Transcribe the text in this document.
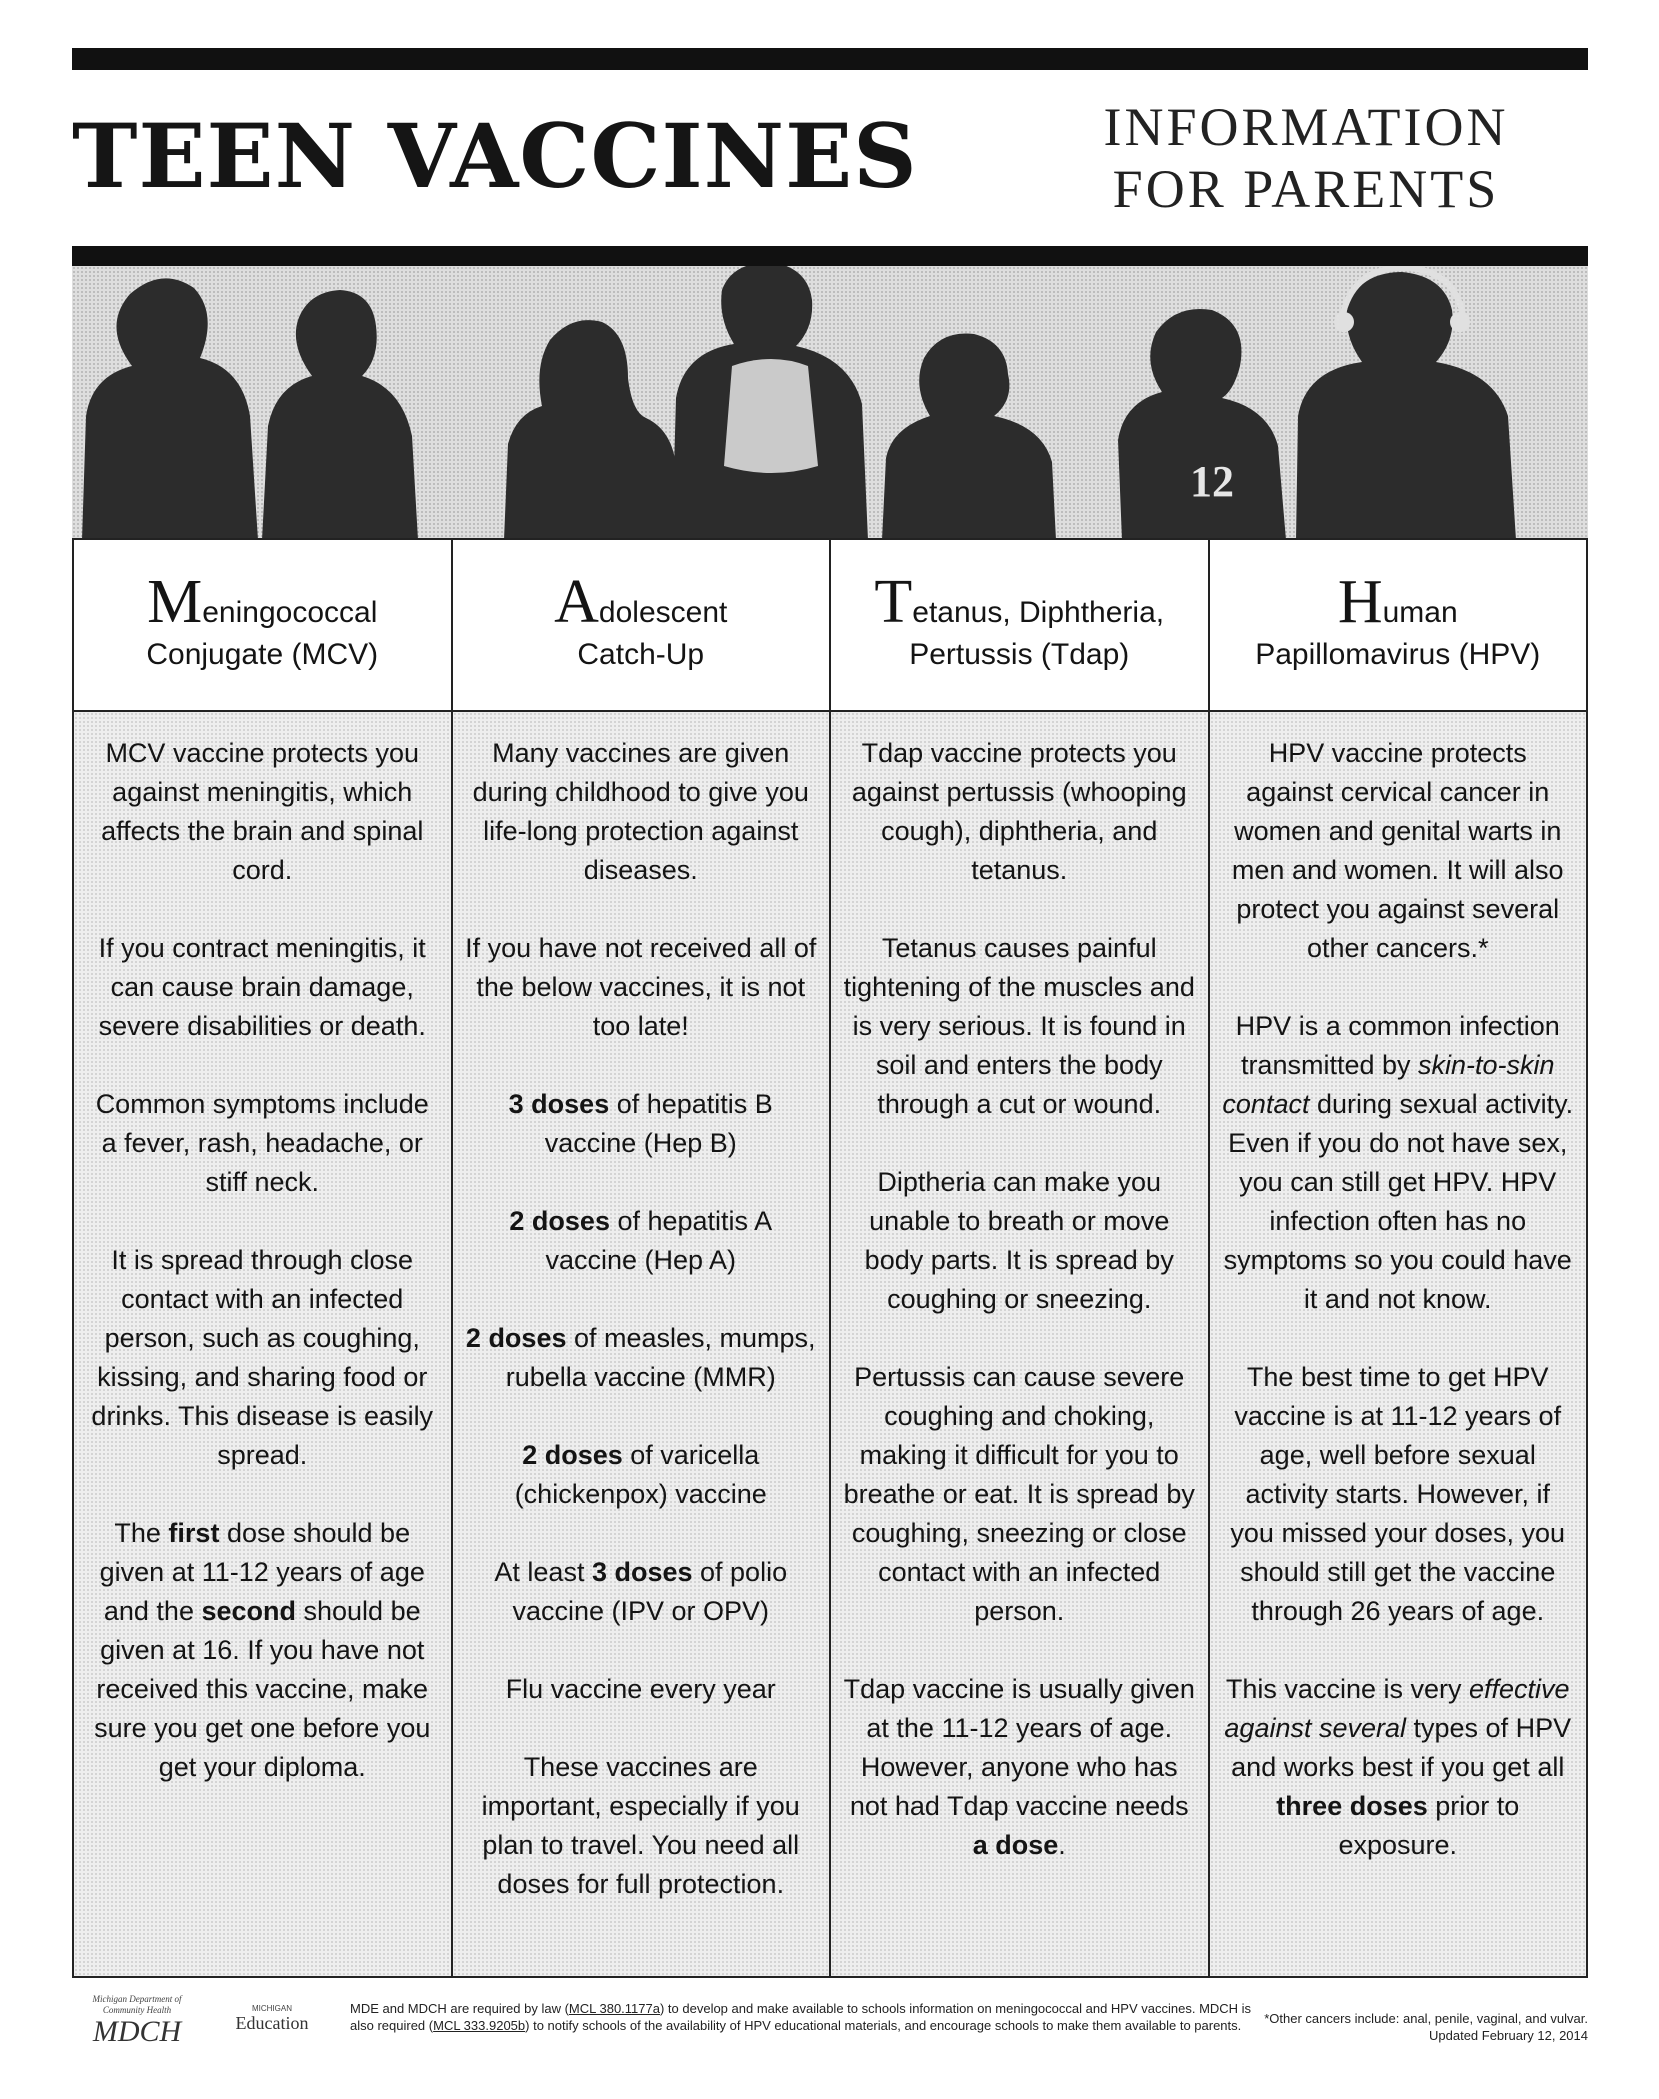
TEEN VACCINES	INFORMATION
FOR PARENTS
12
Meningococcal
Conjugate (MCV)

MCV vaccine protects you against meningitis, which affects the brain and spinal cord.

If you contract meningitis, it can cause brain damage, severe disabilities or death.

Common symptoms include a fever, rash, headache, or stiff neck.

It is spread through close contact with an infected person, such as coughing, kissing, and sharing food or drinks. This disease is easily spread.

The first dose should be given at 11-12 years of age and the second should be given at 16. If you have not received this vaccine, make sure you get one before you get your diploma.

Adolescent
Catch-Up

Many vaccines are given during childhood to give you life-long protection against diseases.

If you have not received all of the below vaccines, it is not too late!

3 doses of hepatitis B vaccine (Hep B)

2 doses of hepatitis A vaccine (Hep A)

2 doses of measles, mumps, rubella vaccine (MMR)

2 doses of varicella (chickenpox) vaccine

At least 3 doses of polio vaccine (IPV or OPV)

Flu vaccine every year

These vaccines are important, especially if you plan to travel. You need all doses for full protection.

Tetanus, Diphtheria,
Pertussis (Tdap)

Tdap vaccine protects you against pertussis (whooping cough), diphtheria, and tetanus.

Tetanus causes painful tightening of the muscles and is very serious. It is found in soil and enters the body through a cut or wound.

Diptheria can make you unable to breath or move body parts. It is spread by coughing or sneezing.

Pertussis can cause severe coughing and choking, making it difficult for you to breathe or eat. It is spread by coughing, sneezing or close contact with an infected person.

Tdap vaccine is usually given at the 11-12 years of age. However, anyone who has not had Tdap vaccine needs a dose.

Human
Papillomavirus (HPV)

HPV vaccine protects against cervical cancer in women and genital warts in men and women. It will also protect you against several other cancers.*

HPV is a common infection transmitted by skin-to-skin contact during sexual activity. Even if you do not have sex, you can still get HPV. HPV infection often has no symptoms so you could have it and not know.

The best time to get HPV vaccine is at 11-12 years of age, well before sexual activity starts. However, if you missed your doses, you should still get the vaccine through 26 years of age.

This vaccine is very effective against several types of HPV and works best if you get all three doses prior to exposure.

Michigan Department of Community Health
MDCH
MICHIGAN
Education
MDE and MDCH are required by law (MCL 380.1177a) to develop and make available to schools information on meningococcal and HPV vaccines. MDCH is also required (MCL 333.9205b) to notify schools of the availability of HPV educational materials, and encourage schools to make them available to parents.	*Other cancers include: anal, penile, vaginal, and vulvar.
Updated February 12, 2014
